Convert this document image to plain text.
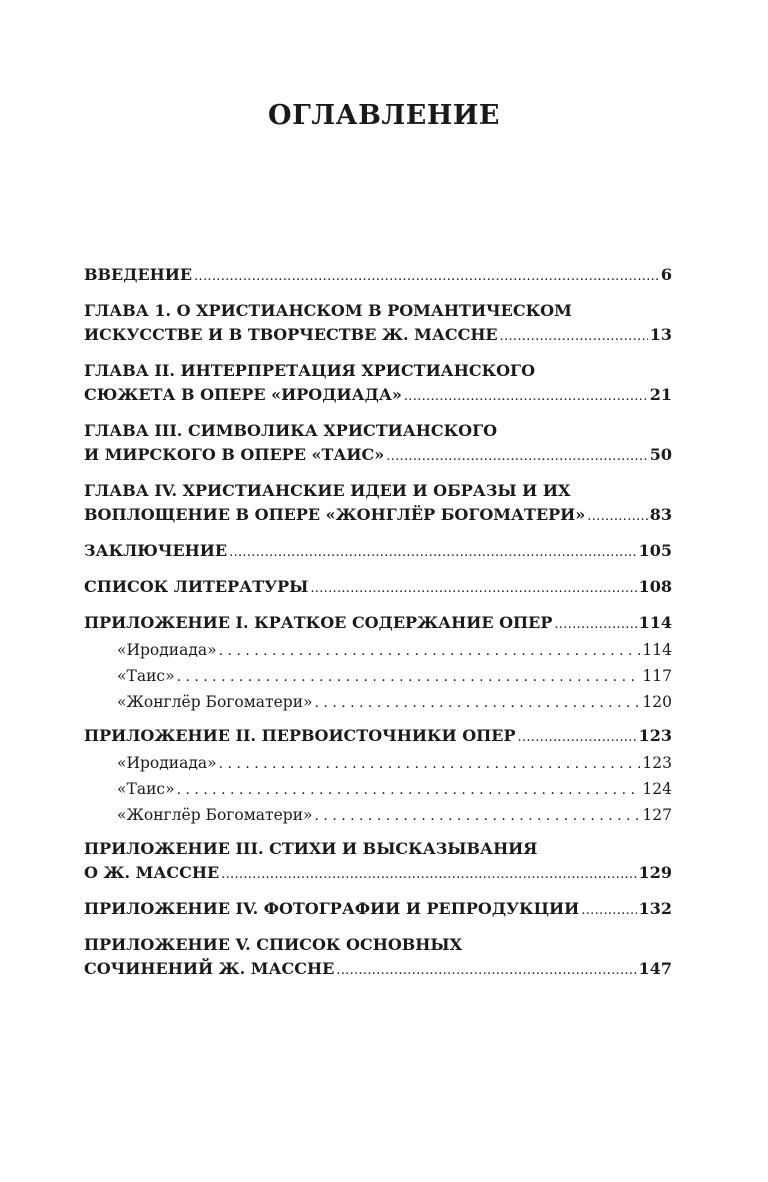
ОГЛАВЛЕНИЕ
ВВЕДЕНИЕ .....	6
ГЛАВА 1. О ХРИСТИАНСКОМ В РОМАНТИЧЕСКОМ
ИСКУССТВЕ И В ТВОРЧЕСТВЕ Ж. МАССНЕ .....	13
ГЛАВА II. ИНТЕРПРЕТАЦИЯ ХРИСТИАНСКОГО
СЮЖЕТА В ОПЕРЕ «ИРОДИАДА» .....	21
ГЛАВА III. СИМВОЛИКА ХРИСТИАНСКОГО
И МИРСКОГО В ОПЕРЕ «ТАИС» .....	50
ГЛАВА IV. ХРИСТИАНСКИЕ ИДЕИ И ОБРАЗЫ И ИХ
ВОПЛОЩЕНИЕ В ОПЕРЕ «ЖОНГЛЁР БОГОМАТЕРИ» .....	83
ЗАКЛЮЧЕНИЕ .....	105
СПИСОК ЛИТЕРАТУРЫ .....	108
ПРИЛОЖЕНИЕ I. КРАТКОЕ СОДЕРЖАНИЕ ОПЕР .....	114
«Иродиада» . . .	114
«Таис» . . .	117
«Жонглёр Богоматери» . . .	120
ПРИЛОЖЕНИЕ II. ПЕРВОИСТОЧНИКИ ОПЕР .....	123
«Иродиада» . . .	123
«Таис» . . .	124
«Жонглёр Богоматери» . . .	127
ПРИЛОЖЕНИЕ III. СТИХИ И ВЫСКАЗЫВАНИЯ
О Ж. МАССНЕ .....	129
ПРИЛОЖЕНИЕ IV. ФОТОГРАФИИ И РЕПРОДУКЦИИ .....	132
ПРИЛОЖЕНИЕ V. СПИСОК ОСНОВНЫХ
СОЧИНЕНИЙ Ж. МАССНЕ .....	147
